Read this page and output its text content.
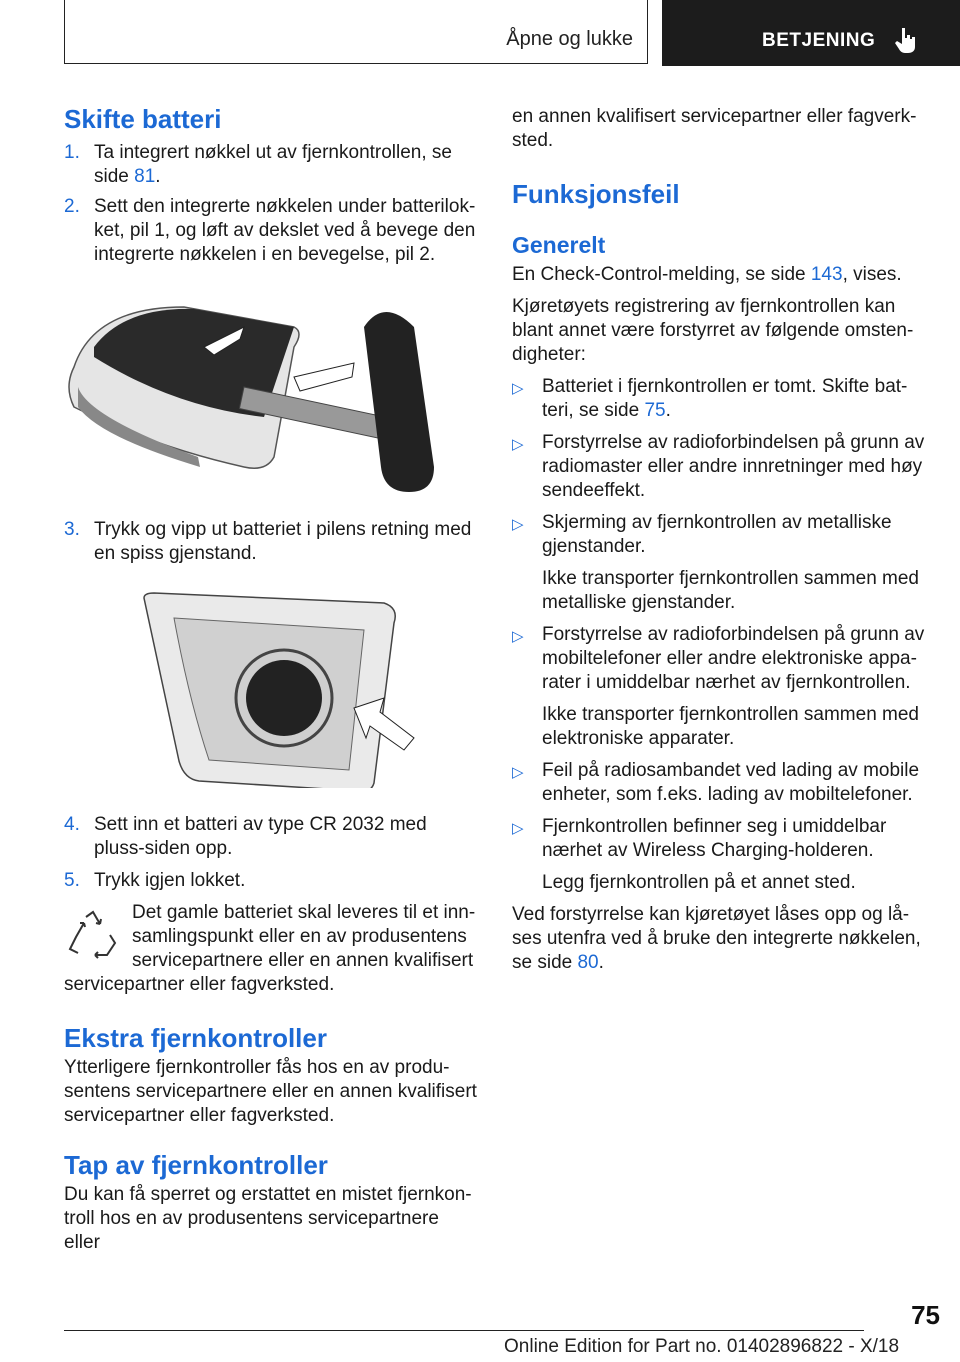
Åpne og lukke	BETJENING
Skifte batteri
1. Ta integrert nøkkel ut av fjernkontrollen, se side 81.
2. Sett den integrerte nøkkelen under batterilok‐ket, pil 1, og løft av dekslet ved å bevege den integrerte nøkkelen i en bevegelse, pil 2.
3. Trykk og vipp ut batteriet i pilens retning med en spiss gjenstand.
4. Sett inn et batteri av type CR 2032 med pluss-siden opp.
5. Trykk igjen lokket.

Det gamle batteriet skal leveres til et inn‐samlingspunkt eller en av produsentens servicepartnere eller en annen kvalifisert servicepartner eller fagverksted.

Ekstra fjernkontroller

Ytterligere fjernkontroller fås hos en av produ‐sentens servicepartnere eller en annen kvalifisert servicepartner eller fagverksted.

Tap av fjernkontroller

Du kan få sperret og erstattet en mistet fjernkon‐troll hos en av produsentens servicepartnere eller

en annen kvalifisert servicepartner eller fagverk‐sted.

Funksjonsfeil
Generelt

En Check-Control-melding, se side 143, vises.

Kjøretøyets registrering av fjernkontrollen kan blant annet være forstyrret av følgende omsten‐digheter:

▷ Batteriet i fjernkontrollen er tomt. Skifte bat‐teri, se side 75.
▷ Forstyrrelse av radioforbindelsen på grunn av radiomaster eller andre innretninger med høy sendeeffekt.
▷ Skjerming av fjernkontrollen av metalliske gjenstander.
Ikke transporter fjernkontrollen sammen med metalliske gjenstander.
▷ Forstyrrelse av radioforbindelsen på grunn av mobiltelefoner eller andre elektroniske appa‐rater i umiddelbar nærhet av fjernkontrollen.
Ikke transporter fjernkontrollen sammen med elektroniske apparater.
▷ Feil på radiosambandet ved lading av mobile enheter, som f.eks. lading av mobiltelefoner.
▷ Fjernkontrollen befinner seg i umiddelbar nærhet av Wireless Charging-holderen.
Legg fjernkontrollen på et annet sted.

Ved forstyrrelse kan kjøretøyet låses opp og lå‐ses utenfra ved å bruke den integrerte nøkkelen, se side 80.

75
Online Edition for Part no. 01402896822 - X/18
